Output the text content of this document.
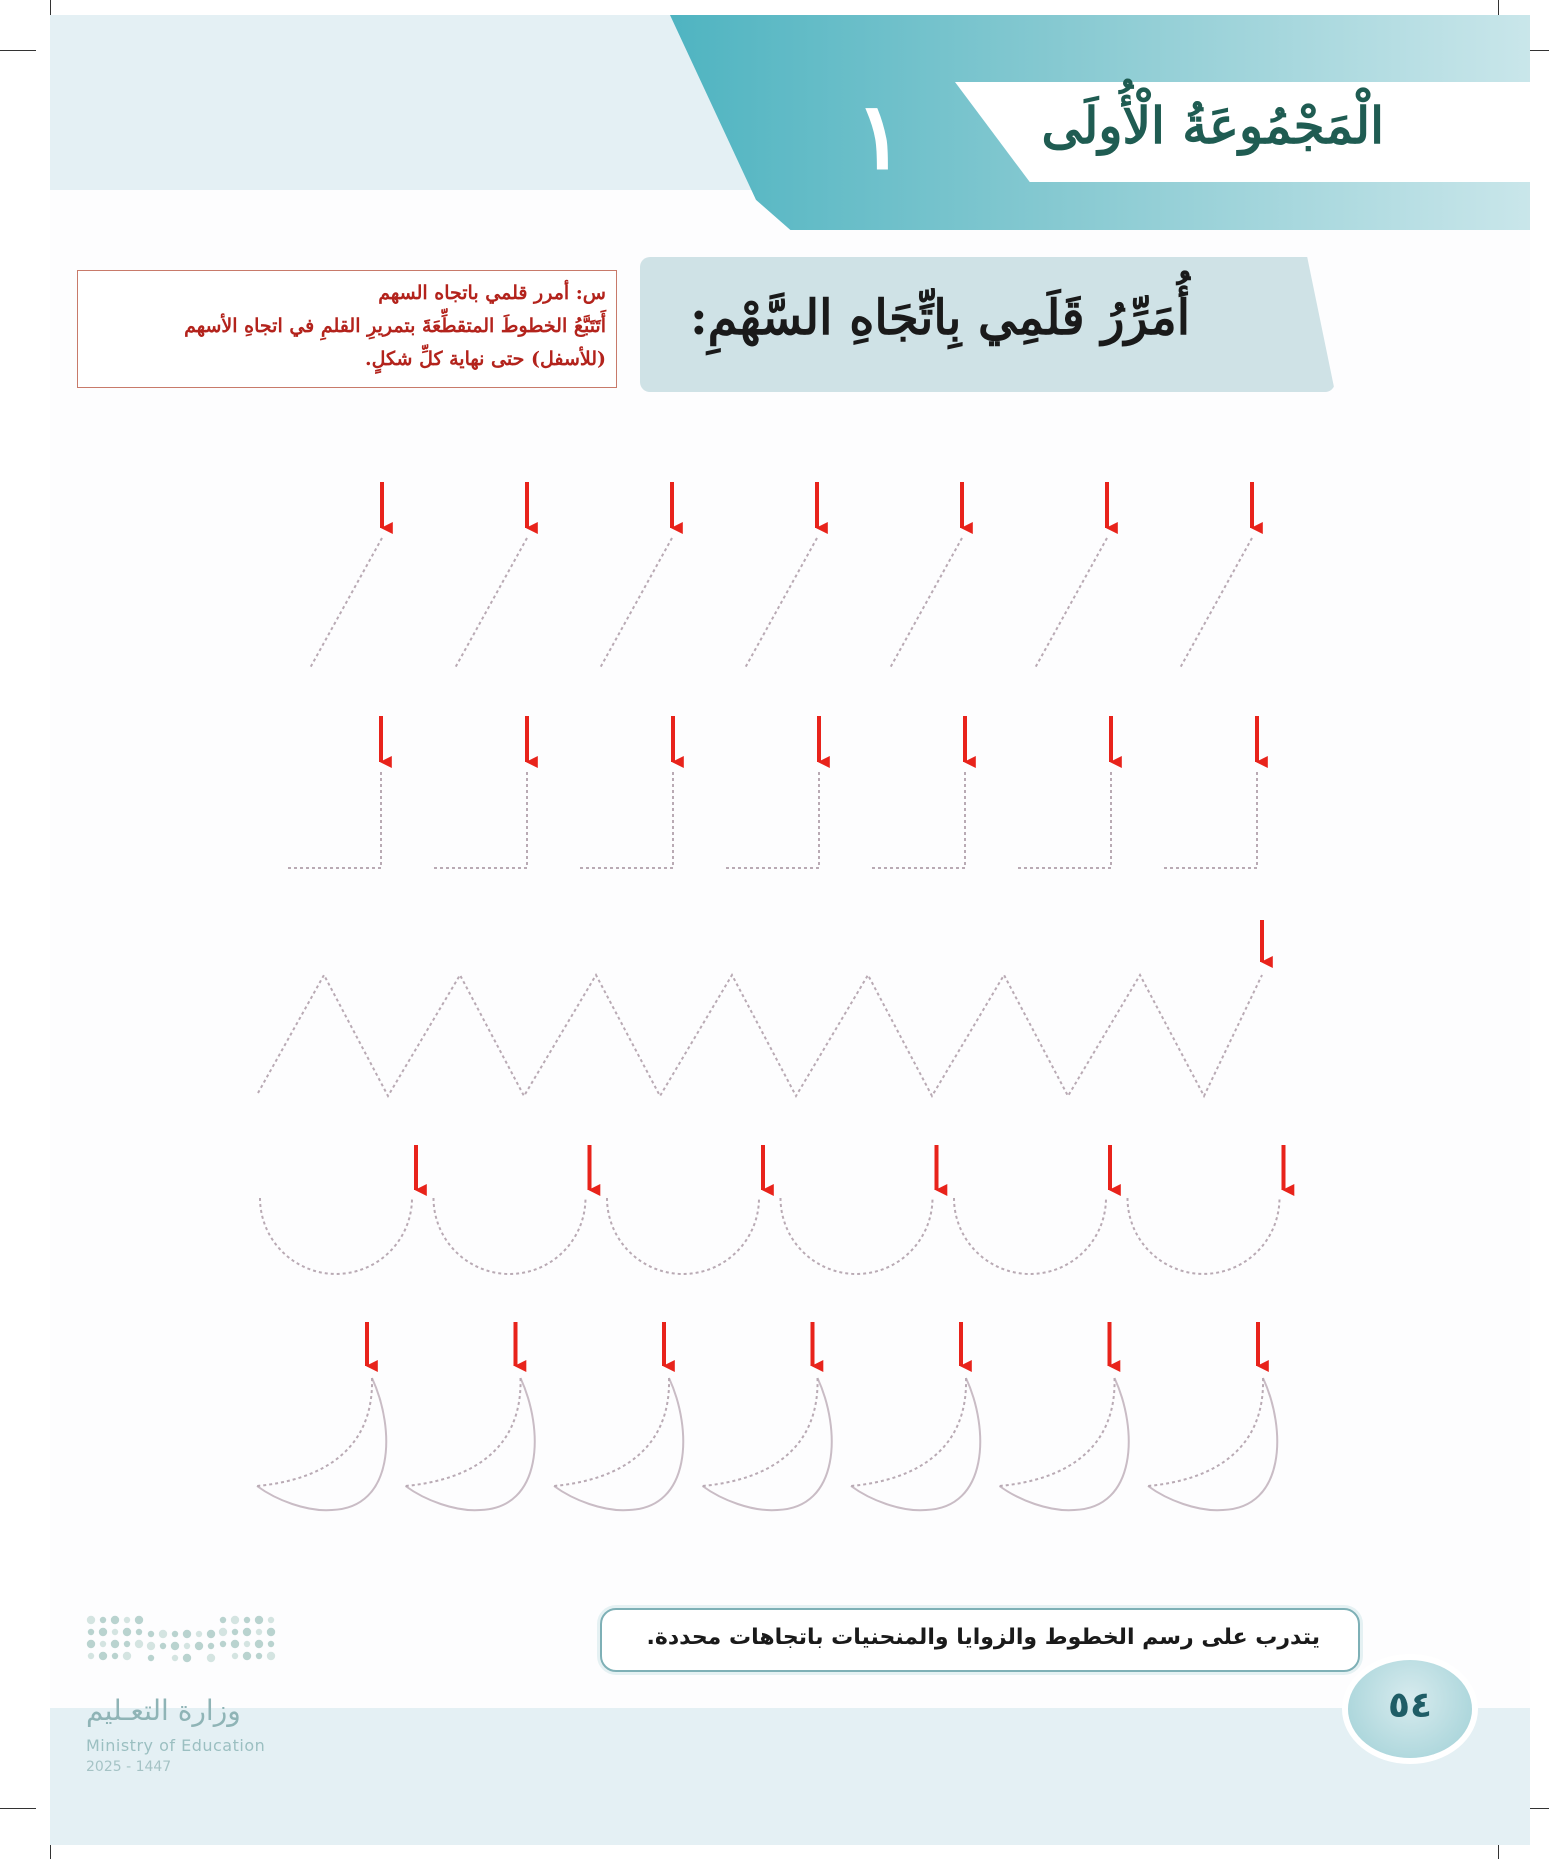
الْمَجْمُوعَةُ الْأُولَى

١

أُمَرِّرُ قَلَمِي بِاتِّجَاهِ السَّهْمِ:
س: أمرر قلمي باتجاه السهم
أَتَتَبَّعُ الخطوطَ المتقطِّعَةَ بتمريرِ القلمِ في اتجاهِ الأسهم
(للأسفل) حتى نهاية كلِّ شكلٍ.

يتدرب على رسم الخطوط والزوايا والمنحنيات باتجاهات محددة.

٥٤

وزارة التعـليم

Ministry of Education

2025 - 1447
